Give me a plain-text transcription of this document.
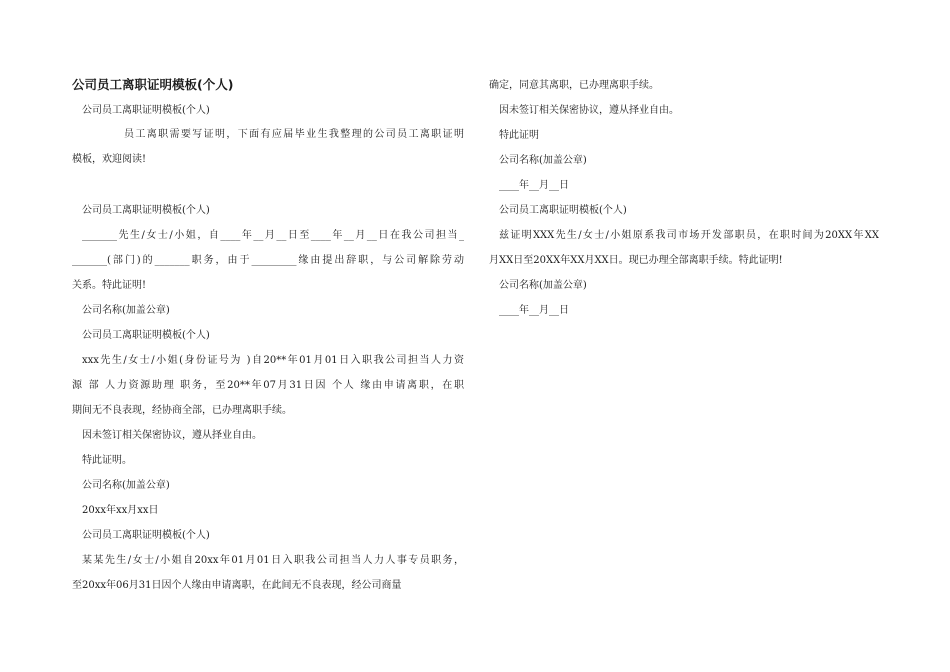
公司员工离职证明模板(个人)
公司员工离职证明模板(个人)
员工离职需要写证明，下面有应届毕业生我整理的公司员工离职证明
模板，欢迎阅读!
公司员工离职证明模板(个人)
_______先生/女士/小姐，自____年__月__日至____年__月__日在我公司担当_
_______(部门)的_______职务，由于_________缘由提出辞职，与公司解除劳动
关系。特此证明!
公司名称(加盖公章)
公司员工离职证明模板(个人)
xxx先生/女士/小姐(身份证号为 )自20**年01月01日入职我公司担当人力资
源 部 人力资源助理 职务，至20**年07月31日因 个人 缘由申请离职，在职
期间无不良表现，经协商全部，已办理离职手续。
因未签订相关保密协议，遵从择业自由。
特此证明。
公司名称(加盖公章)
20xx年xx月xx日
公司员工离职证明模板(个人)
某某先生/女士/小姐自20xx年01月01日入职我公司担当人力人事专员职务，
至20xx年06月31日因个人缘由申请离职，在此间无不良表现，经公司商量
确定，同意其离职，已办理离职手续。
因未签订相关保密协议，遵从择业自由。
特此证明
公司名称(加盖公章)
____年__月__日
公司员工离职证明模板(个人)
兹证明XXX先生/女士/小姐原系我司市场开发部职员，在职时间为20XX年XX
月XX日至20XX年XX月XX日。现已办理全部离职手续。特此证明!
公司名称(加盖公章)
____年__月__日
